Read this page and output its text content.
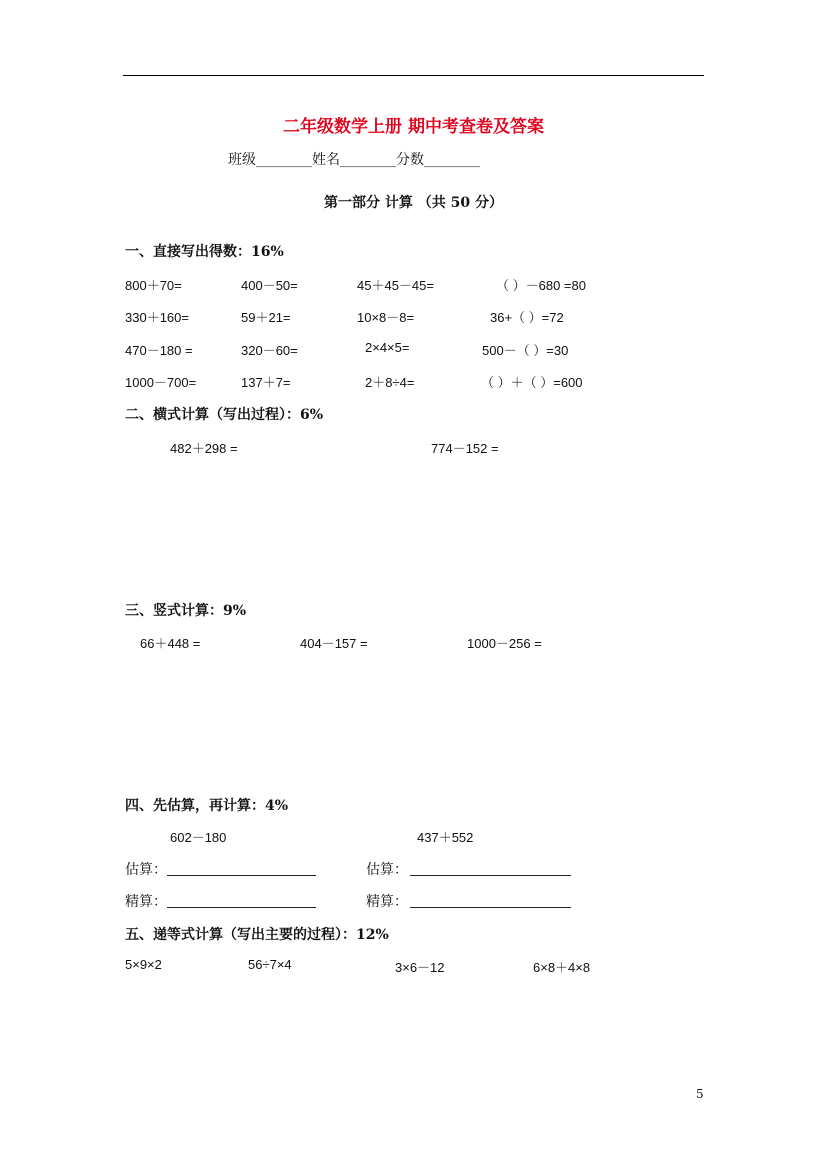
二年级数学上册 期中考查卷及答案
班级________姓名________分数________
第一部分 计算 （共 50 分）
一、直接写出得数：16%
800＋70=	400－50=	45＋45－45=	（ ）－680 =80
330＋160=	59＋21=	10×8－8=	36+（ ）=72
470－180 =	320－60=	2×4×5=	500－（ ）=30
1000－700=	137＋7=	2＋8÷4=	（ ）＋（ ）=600
二、横式计算（写出过程）：6%
482＋298 =	774－152 =
三、竖式计算：9%
66＋448 =	404－157 =	1000－256 =
四、先估算，再计算：4%
602－180	437＋552
估算：	估算：
精算：	精算：
五、递等式计算（写出主要的过程）：12%
5×9×2	56÷7×4	3×6－12	6×8＋4×8
5
